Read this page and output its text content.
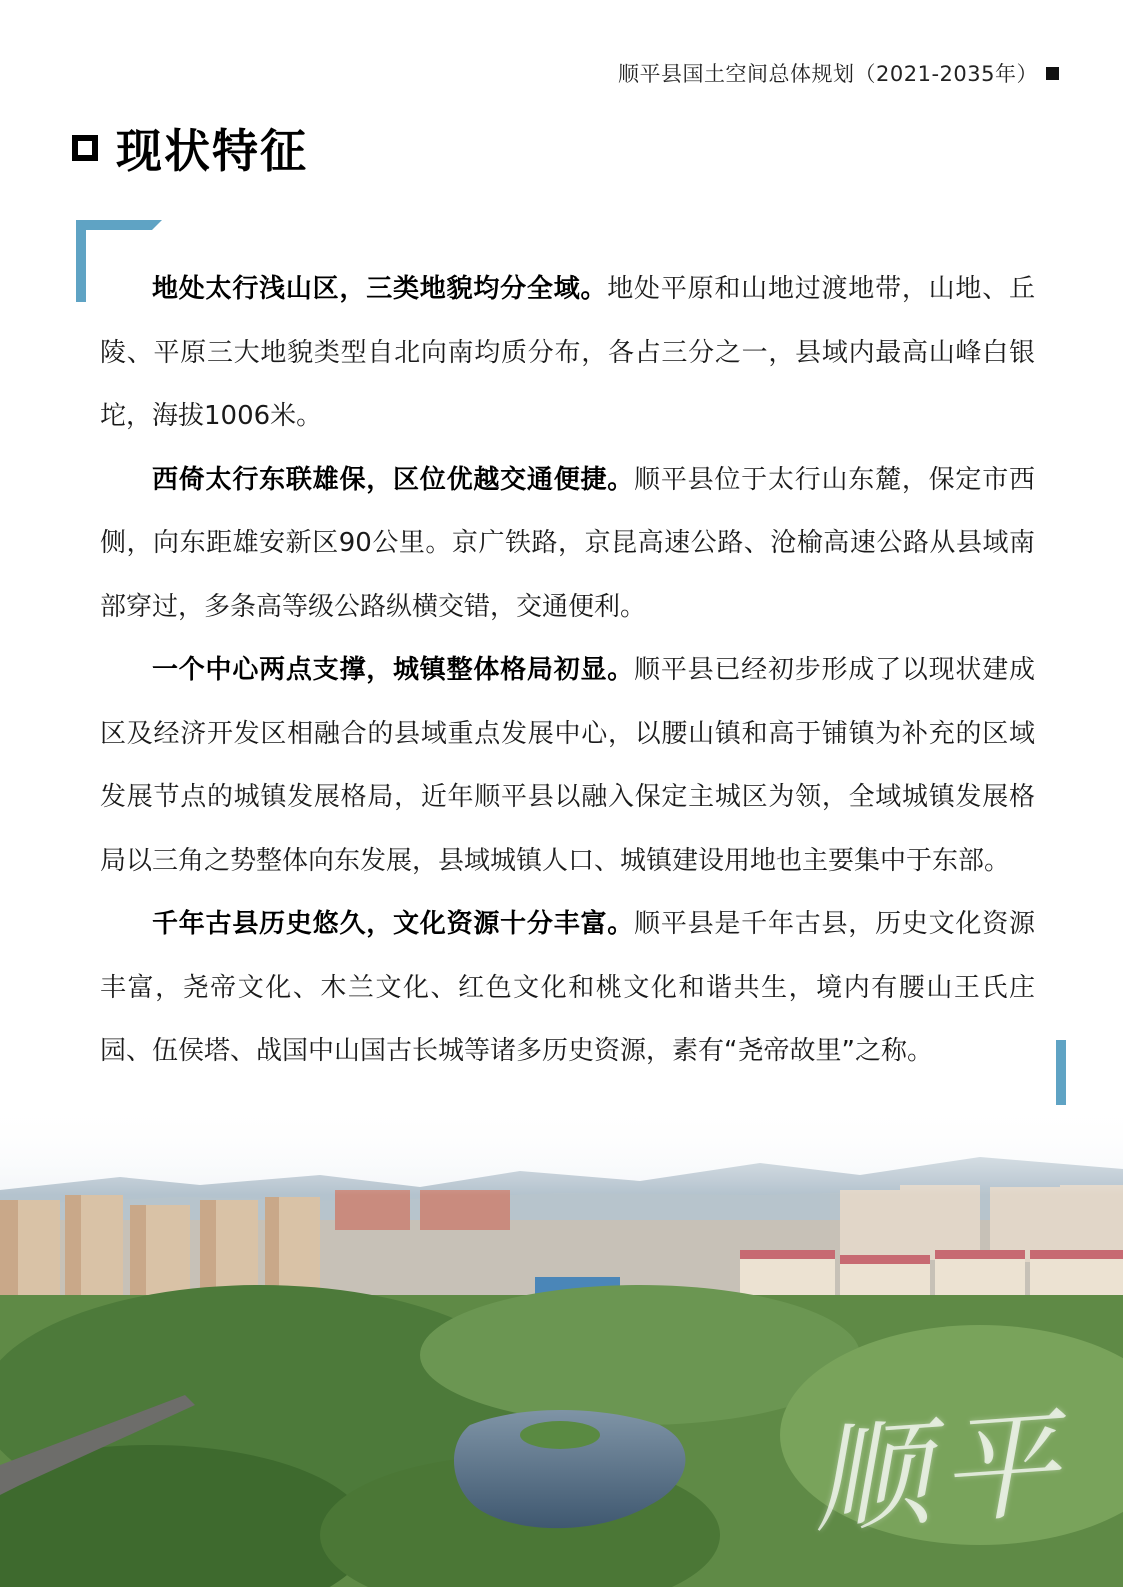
顺平县国土空间总体规划（2021-2035年）
现状特征

地处太行浅山区，三类地貌均分全域。地处平原和山地过渡地带，山地、丘陵、平原三大地貌类型自北向南均质分布，各占三分之一，县域内最高山峰白银坨，海拔1006米。

西倚太行东联雄保，区位优越交通便捷。顺平县位于太行山东麓，保定市西侧，向东距雄安新区90公里。京广铁路，京昆高速公路、沧榆高速公路从县域南部穿过，多条高等级公路纵横交错，交通便利。

一个中心两点支撑，城镇整体格局初显。顺平县已经初步形成了以现状建成区及经济开发区相融合的县域重点发展中心，以腰山镇和高于铺镇为补充的区域发展节点的城镇发展格局，近年顺平县以融入保定主城区为领，全域城镇发展格局以三角之势整体向东发展，县域城镇人口、城镇建设用地也主要集中于东部。

千年古县历史悠久，文化资源十分丰富。顺平县是千年古县，历史文化资源丰富，尧帝文化、木兰文化、红色文化和桃文化和谐共生，境内有腰山王氏庄园、伍侯塔、战国中山国古长城等诸多历史资源，素有“尧帝故里”之称。

顺平
